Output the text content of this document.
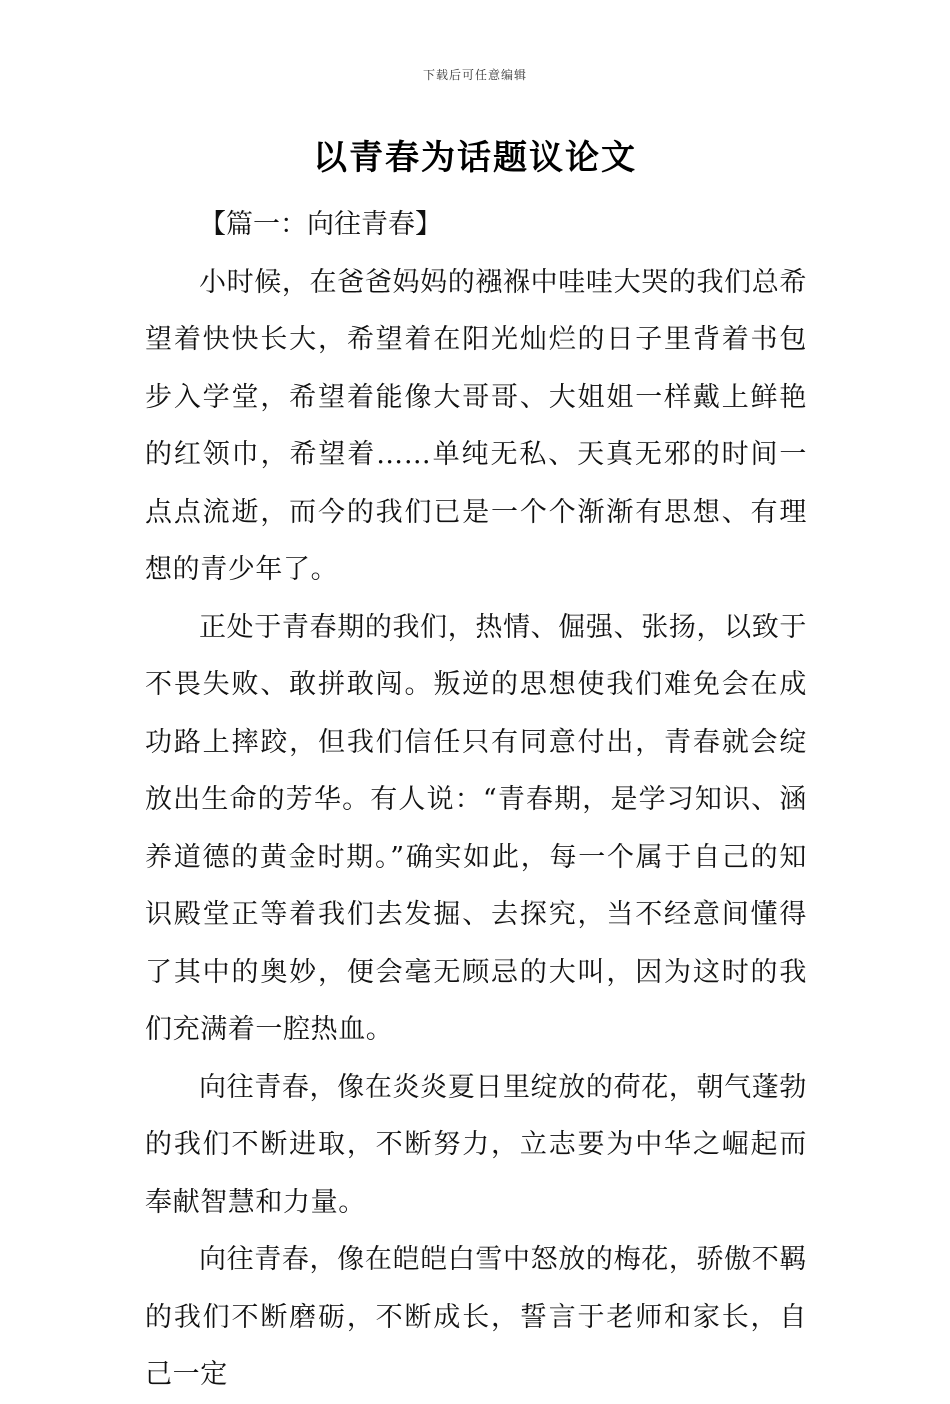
下载后可任意编辑
以青春为话题议论文
【篇一：向往青春】

小时候，在爸爸妈妈的襁褓中哇哇大哭的我们总希望着快快长大，希望着在阳光灿烂的日子里背着书包步入学堂，希望着能像大哥哥、大姐姐一样戴上鲜艳的红领巾，希望着……单纯无私、天真无邪的时间一点点流逝，而今的我们已是一个个渐渐有思想、有理想的青少年了。

正处于青春期的我们，热情、倔强、张扬，以致于不畏失败、敢拼敢闯。叛逆的思想使我们难免会在成功路上摔跤，但我们信任只有同意付出，青春就会绽放出生命的芳华。有人说：“青春期，是学习知识、涵养道德的黄金时期。”确实如此，每一个属于自己的知识殿堂正等着我们去发掘、去探究，当不经意间懂得了其中的奥妙，便会毫无顾忌的大叫，因为这时的我们充满着一腔热血。

向往青春，像在炎炎夏日里绽放的荷花，朝气蓬勃的我们不断进取，不断努力，立志要为中华之崛起而奉献智慧和力量。

向往青春，像在皑皑白雪中怒放的梅花，骄傲不羁的我们不断磨砺，不断成长，誓言于老师和家长，自己一定
